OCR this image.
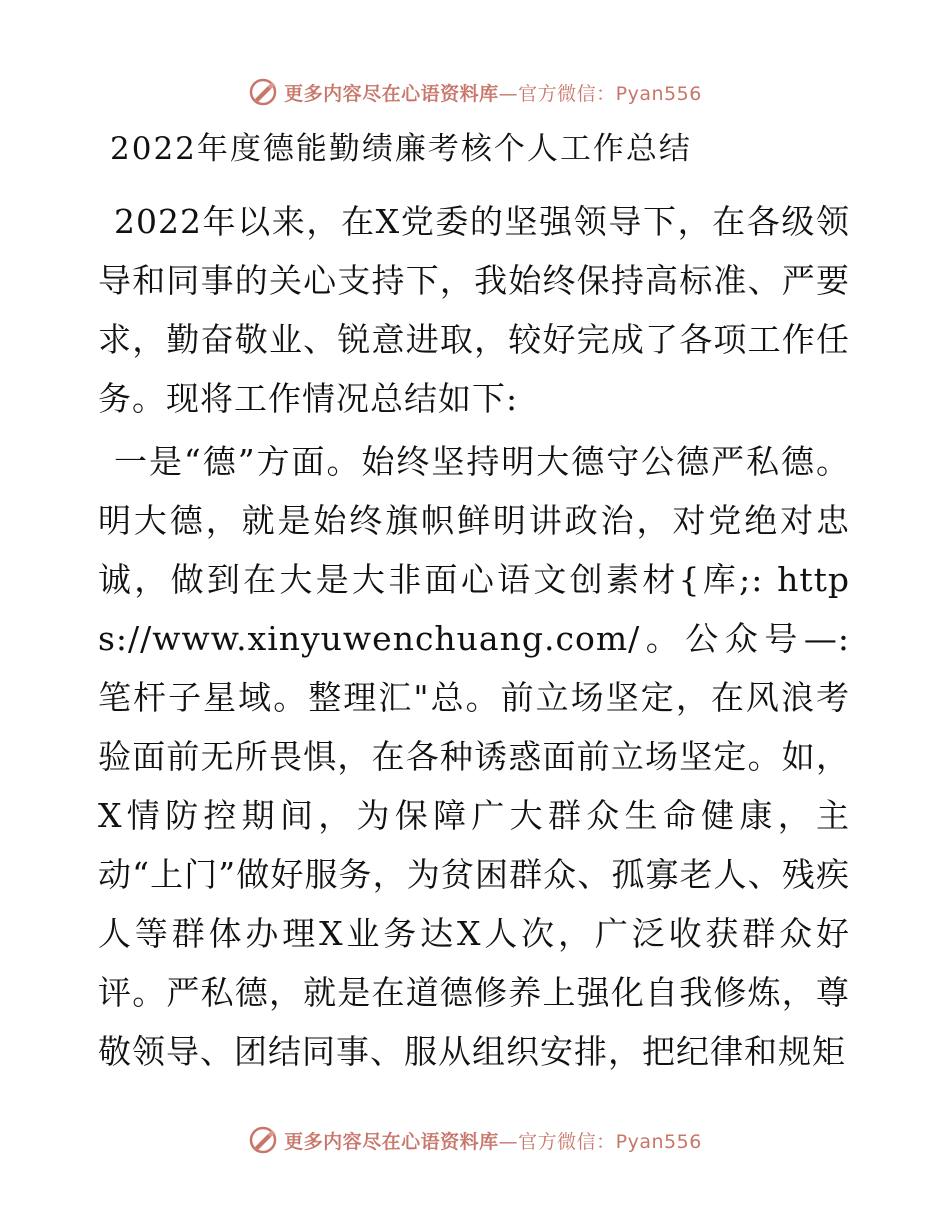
更多内容尽在心语资料库—官方微信：Pyan556
2022年度德能勤绩廉考核个人工作总结

2022年以来，在X党委的坚强领导下，在各级领导和同事的关心支持下，我始终保持高标准、严要求，勤奋敬业、锐意进取，较好完成了各项工作任务。现将工作情况总结如下:

一是“德”方面。始终坚持明大德守公德严私德。明大德，就是始终旗帜鲜明讲政治，对党绝对忠诚，做到在大是大非面心语文创素材{库;: https://www.xinyuwenchuang.com/。公众号—: 笔杆子星域。整理汇"总。前立场坚定，在风浪考验面前无所畏惧，在各种诱惑面前立场坚定。如，X情防控期间，为保障广大群众生命健康，主动“上门”做好服务，为贫困群众、孤寡老人、残疾人等群体办理X业务达X人次，广泛收获群众好评。严私德，就是在道德修养上强化自我修炼，尊敬领导、团结同事、服从组织安排，把纪律和规矩

更多内容尽在心语资料库—官方微信：Pyan556
